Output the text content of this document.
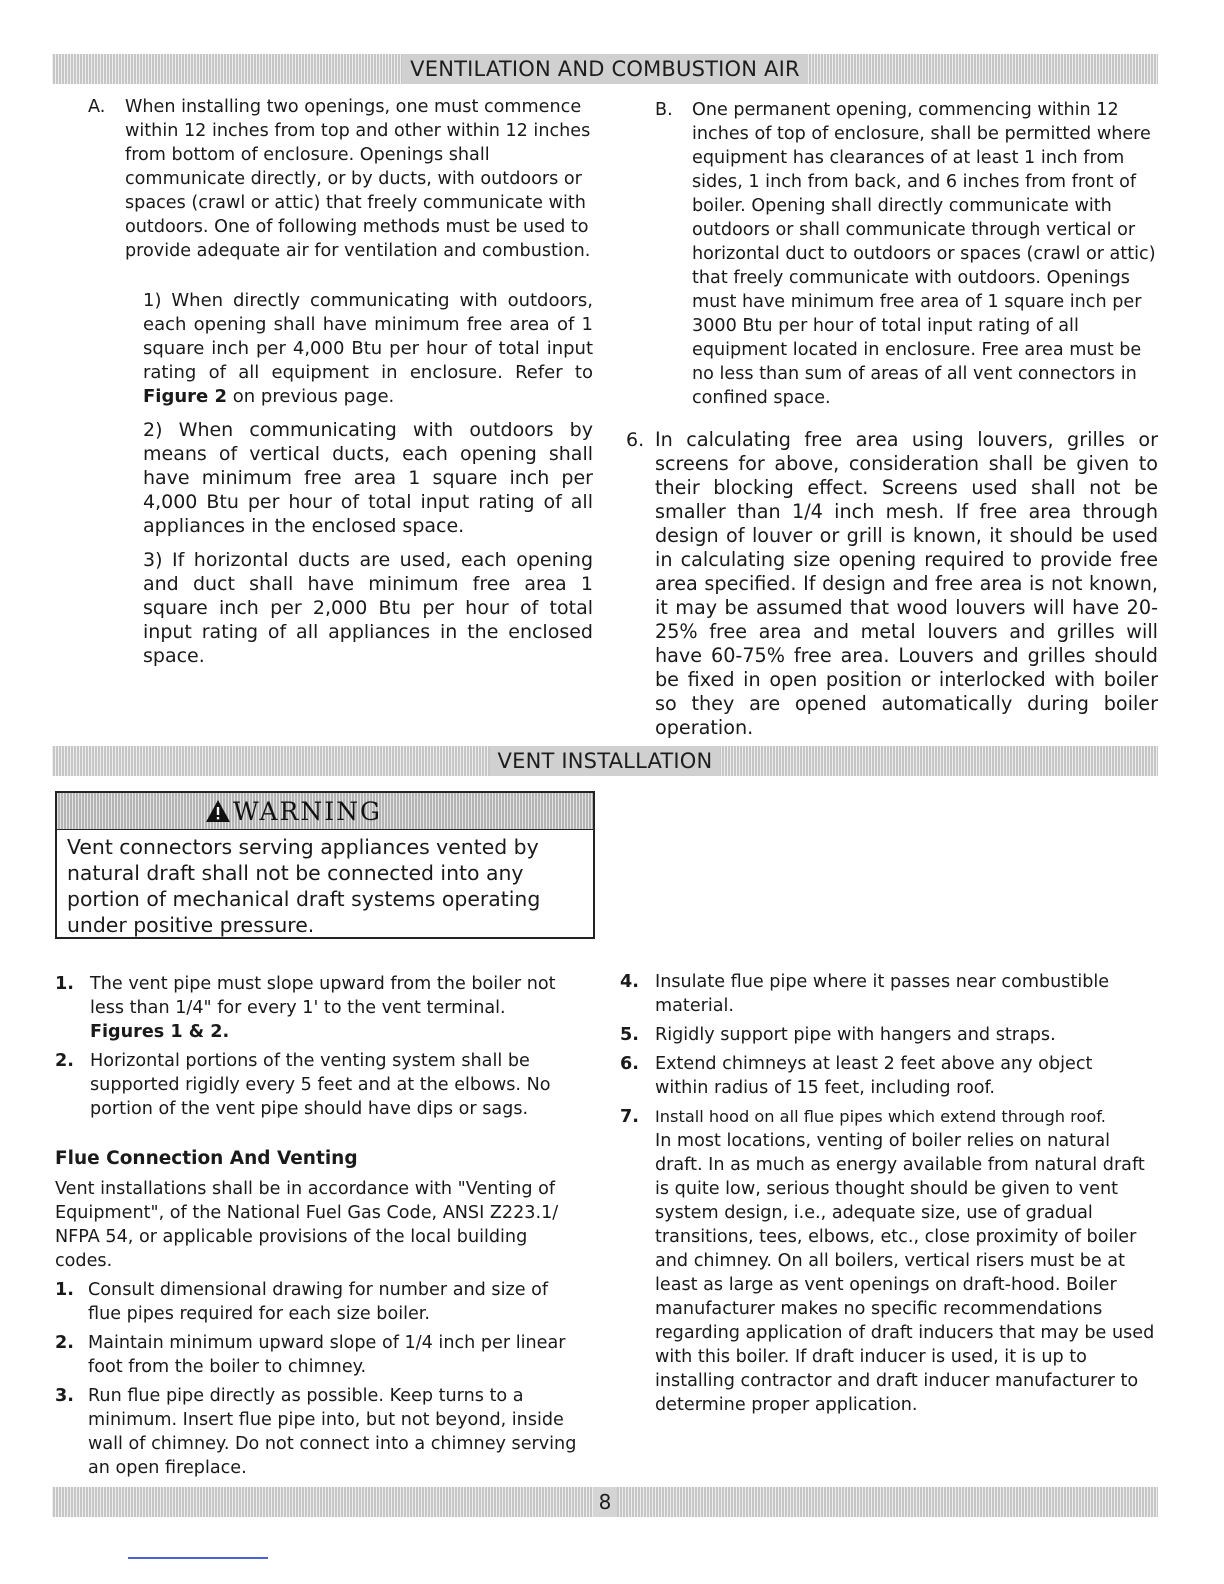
VENTILATION AND COMBUSTION AIR
A. When installing two openings, one must commence within 12 inches from top and other within 12 inches from bottom of enclosure. Openings shall communicate directly, or by ducts, with outdoors or spaces (crawl or attic) that freely communicate with outdoors. One of following methods must be used to provide adequate air for ventilation and combustion.

1) When directly communicating with outdoors, each opening shall have minimum free area of 1 square inch per 4,000 Btu per hour of total input rating of all equipment in enclosure. Refer to Figure 2 on previous page.

2) When communicating with outdoors by means of vertical ducts, each opening shall have minimum free area 1 square inch per 4,000 Btu per hour of total input rating of all appliances in the enclosed space.

3) If horizontal ducts are used, each opening and duct shall have minimum free area 1 square inch per 2,000 Btu per hour of total input rating of all appliances in the enclosed space.

B. One permanent opening, commencing within 12 inches of top of enclosure, shall be permitted where equipment has clearances of at least 1 inch from sides, 1 inch from back, and 6 inches from front of boiler. Opening shall directly communicate with outdoors or shall communicate through vertical or horizontal duct to outdoors or spaces (crawl or attic) that freely communicate with outdoors. Openings must have minimum free area of 1 square inch per 3000 Btu per hour of total input rating of all equipment located in enclosure. Free area must be no less than sum of areas of all vent connectors in confined space.

6. In calculating free area using louvers, grilles or screens for above, consideration shall be given to their blocking effect. Screens used shall not be smaller than 1/4 inch mesh. If free area through design of louver or grill is known, it should be used in calculating size opening required to provide free area specified. If design and free area is not known, it may be assumed that wood louvers will have 20-25% free area and metal louvers and grilles will have 60-75% free area. Louvers and grilles should be fixed in open position or interlocked with boiler so they are opened automatically during boiler operation.

VENT INSTALLATION
WARNING
Vent connectors serving appliances vented by natural draft shall not be connected into any portion of mechanical draft systems operating under positive pressure.
1. The vent pipe must slope upward from the boiler not less than 1/4" for every 1' to the vent terminal.
Figures 1 & 2.

2. Horizontal portions of the venting system shall be supported rigidly every 5 feet and at the elbows. No portion of the vent pipe should have dips or sags.

Flue Connection And Venting

Vent installations shall be in accordance with "Venting of Equipment", of the National Fuel Gas Code, ANSI Z223.1/ NFPA 54, or applicable provisions of the local building codes.

1. Consult dimensional drawing for number and size of flue pipes required for each size boiler.

2. Maintain minimum upward slope of 1/4 inch per linear foot from the boiler to chimney.

3. Run flue pipe directly as possible. Keep turns to a minimum. Insert flue pipe into, but not beyond, inside wall of chimney. Do not connect into a chimney serving an open fireplace.

4. Insulate flue pipe where it passes near combustible material.

5. Rigidly support pipe with hangers and straps.

6. Extend chimneys at least 2 feet above any object within radius of 15 feet, including roof.

7. Install hood on all flue pipes which extend through roof.
In most locations, venting of boiler relies on natural draft. In as much as energy available from natural draft is quite low, serious thought should be given to vent system design, i.e., adequate size, use of gradual transitions, tees, elbows, etc., close proximity of boiler and chimney. On all boilers, vertical risers must be at least as large as vent openings on draft-hood. Boiler manufacturer makes no specific recommendations regarding application of draft inducers that may be used with this boiler. If draft inducer is used, it is up to installing contractor and draft inducer manufacturer to determine proper application.

8
